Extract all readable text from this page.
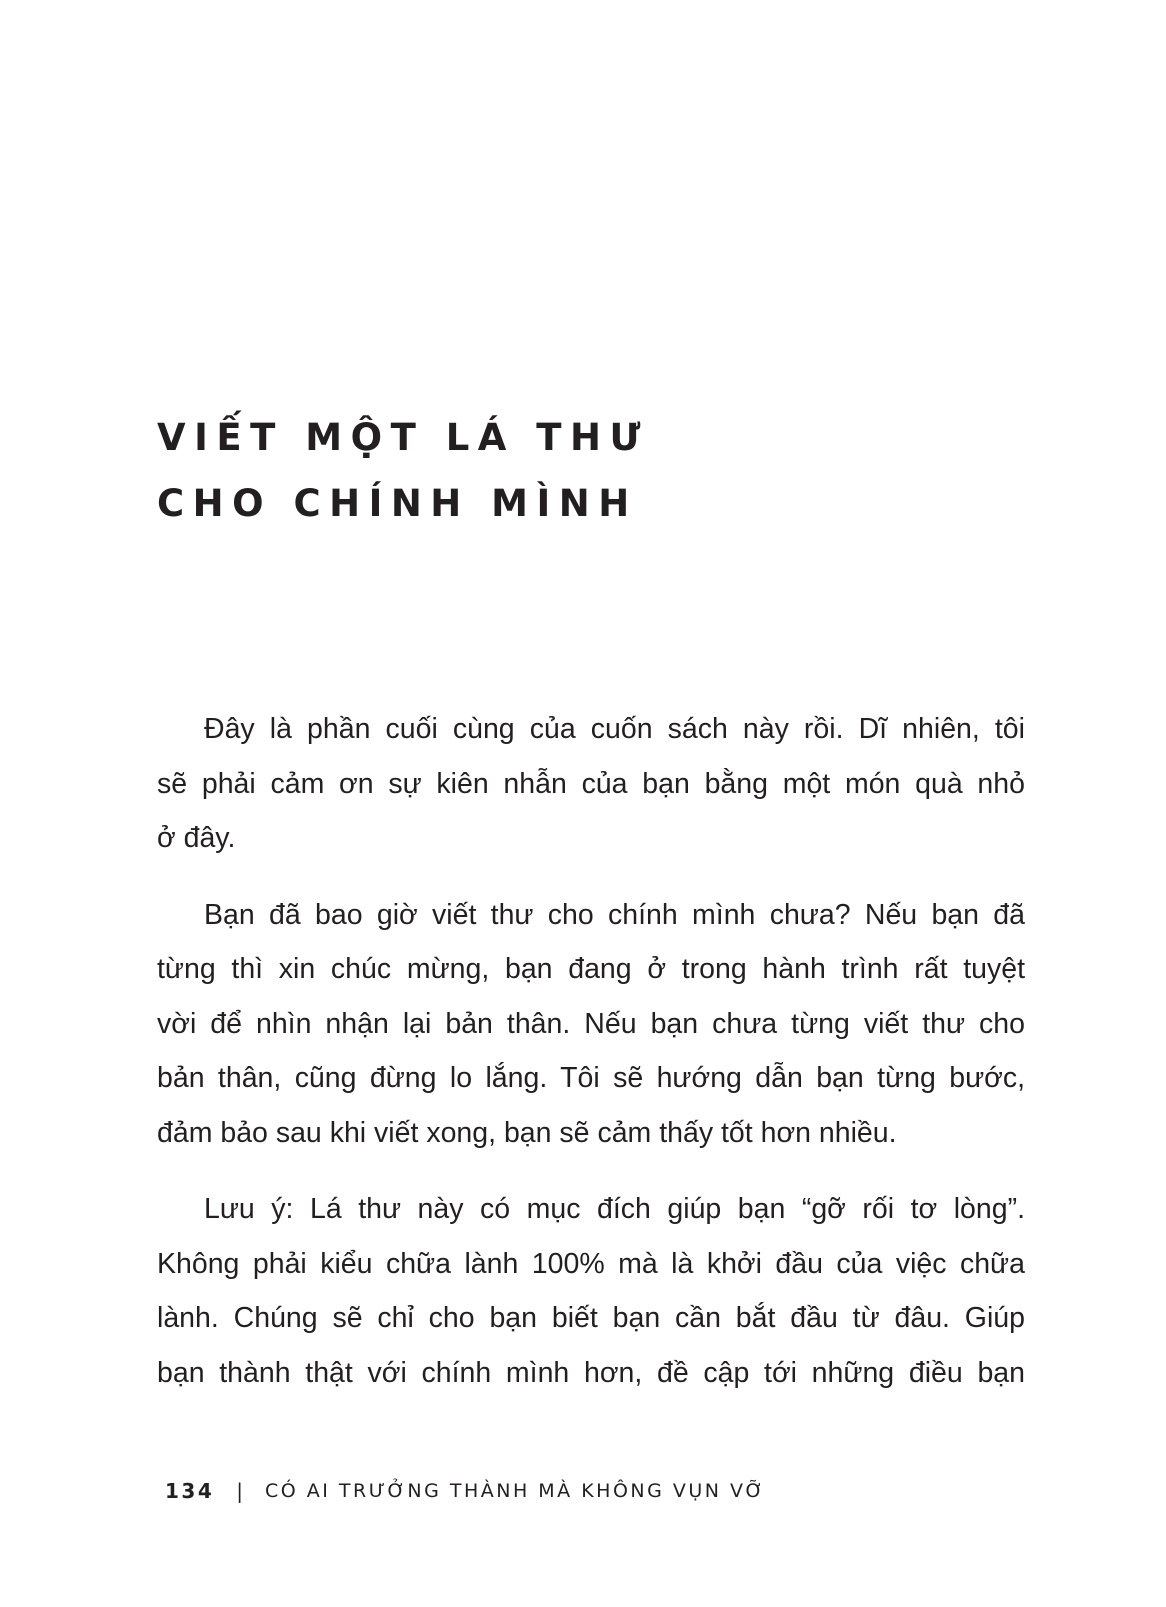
VIẾT MỘT LÁ THƯ
CHO CHÍNH MÌNH

Đây là phần cuối cùng của cuốn sách này rồi. Dĩ nhiên, tôi
sẽ phải cảm ơn sự kiên nhẫn của bạn bằng một món quà nhỏ
ở đây.

Bạn đã bao giờ viết thư cho chính mình chưa? Nếu bạn đã
từng thì xin chúc mừng, bạn đang ở trong hành trình rất tuyệt
vời để nhìn nhận lại bản thân. Nếu bạn chưa từng viết thư cho
bản thân, cũng đừng lo lắng. Tôi sẽ hướng dẫn bạn từng bước,
đảm bảo sau khi viết xong, bạn sẽ cảm thấy tốt hơn nhiều.

Lưu ý: Lá thư này có mục đích giúp bạn “gỡ rối tơ lòng”.
Không phải kiểu chữa lành 100% mà là khởi đầu của việc chữa
lành. Chúng sẽ chỉ cho bạn biết bạn cần bắt đầu từ đâu. Giúp
bạn thành thật với chính mình hơn, đề cập tới những điều bạn

134 | CÓ AI TRƯỞNG THÀNH MÀ KHÔNG VỤN VỠ
